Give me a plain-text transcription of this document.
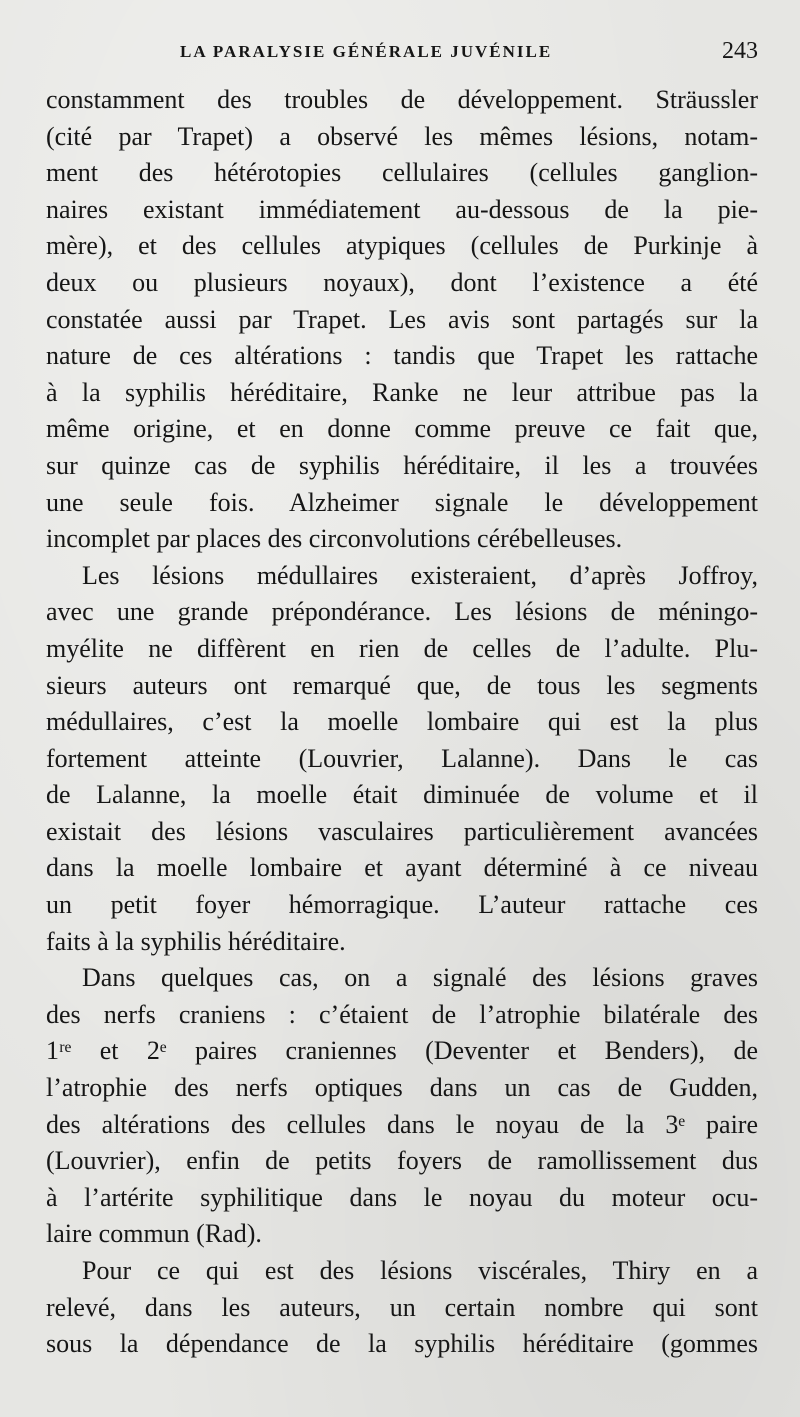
LA PARALYSIE GÉNÉRALE JUVÉNILE	243
constamment des troubles de développement. Sträussler
(cité par Trapet) a observé les mêmes lésions, notam-
ment des hétérotopies cellulaires (cellules ganglion-
naires existant immédiatement au-dessous de la pie-
mère), et des cellules atypiques (cellules de Purkinje à
deux ou plusieurs noyaux), dont l’existence a été
constatée aussi par Trapet. Les avis sont partagés sur la
nature de ces altérations : tandis que Trapet les rattache
à la syphilis héréditaire, Ranke ne leur attribue pas la
même origine, et en donne comme preuve ce fait que,
sur quinze cas de syphilis héréditaire, il les a trouvées
une seule fois. Alzheimer signale le développement
incomplet par places des circonvolutions cérébelleuses.
Les lésions médullaires existeraient, d’après Joffroy,
avec une grande prépondérance. Les lésions de méningo-
myélite ne diffèrent en rien de celles de l’adulte. Plu-
sieurs auteurs ont remarqué que, de tous les segments
médullaires, c’est la moelle lombaire qui est la plus
fortement atteinte (Louvrier, Lalanne). Dans le cas
de Lalanne, la moelle était diminuée de volume et il
existait des lésions vasculaires particulièrement avancées
dans la moelle lombaire et ayant déterminé à ce niveau
un petit foyer hémorragique. L’auteur rattache ces
faits à la syphilis héréditaire.
Dans quelques cas, on a signalé des lésions graves
des nerfs craniens : c’étaient de l’atrophie bilatérale des
1ʳᵉ et 2ᵉ paires craniennes (Deventer et Benders), de
l’atrophie des nerfs optiques dans un cas de Gudden,
des altérations des cellules dans le noyau de la 3ᵉ paire
(Louvrier), enfin de petits foyers de ramollissement dus
à l’artérite syphilitique dans le noyau du moteur ocu-
laire commun (Rad).
Pour ce qui est des lésions viscérales, Thiry en a
relevé, dans les auteurs, un certain nombre qui sont
sous la dépendance de la syphilis héréditaire (gommes
